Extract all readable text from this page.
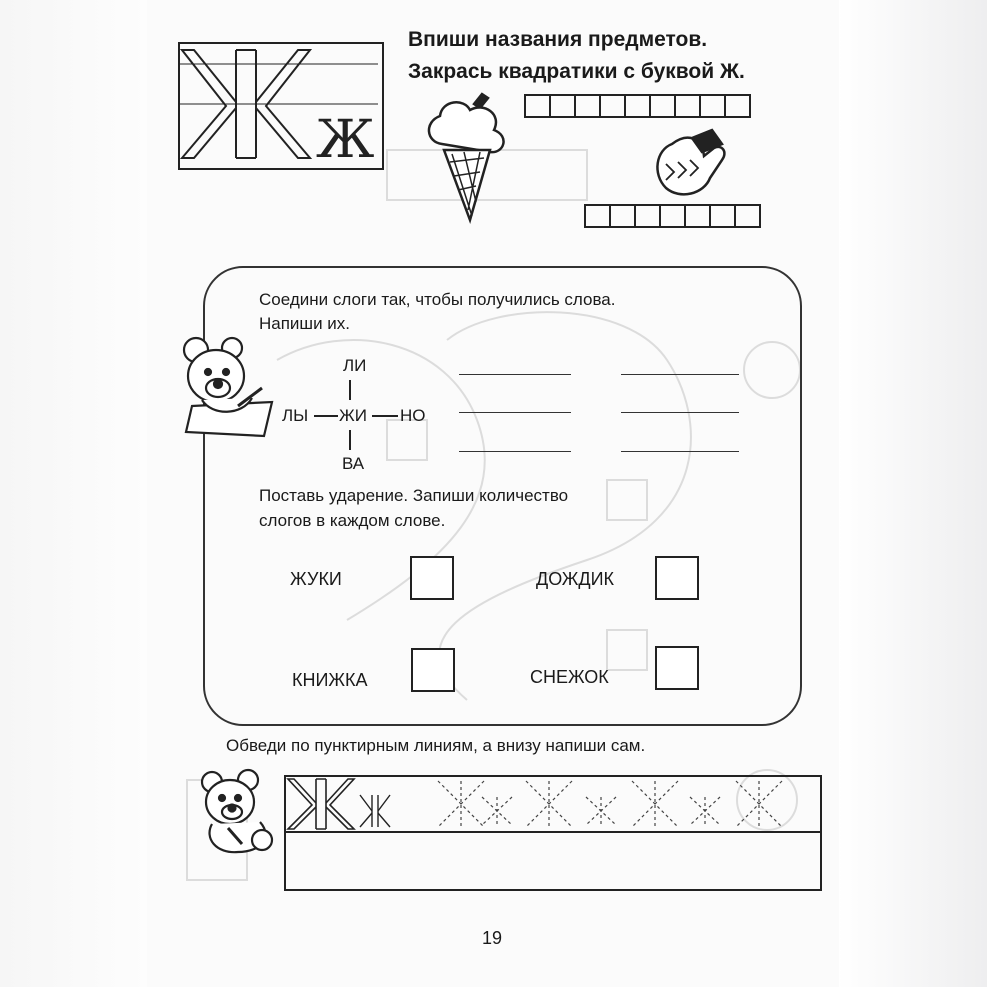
Ж
Впиши названия предметов.
Закрась квадратики с буквой Ж.
Соедини слоги так, чтобы получились слова.
Напиши их.
ЛИ
ЛЫ ЖИ НО
ВА
Поставь ударение. Запиши количество
слогов в каждом слове.
ЖУКИ	ДОЖДИК
КНИЖКА	СНЕЖОК
Обведи по пунктирным линиям, а внизу напиши сам.
19
